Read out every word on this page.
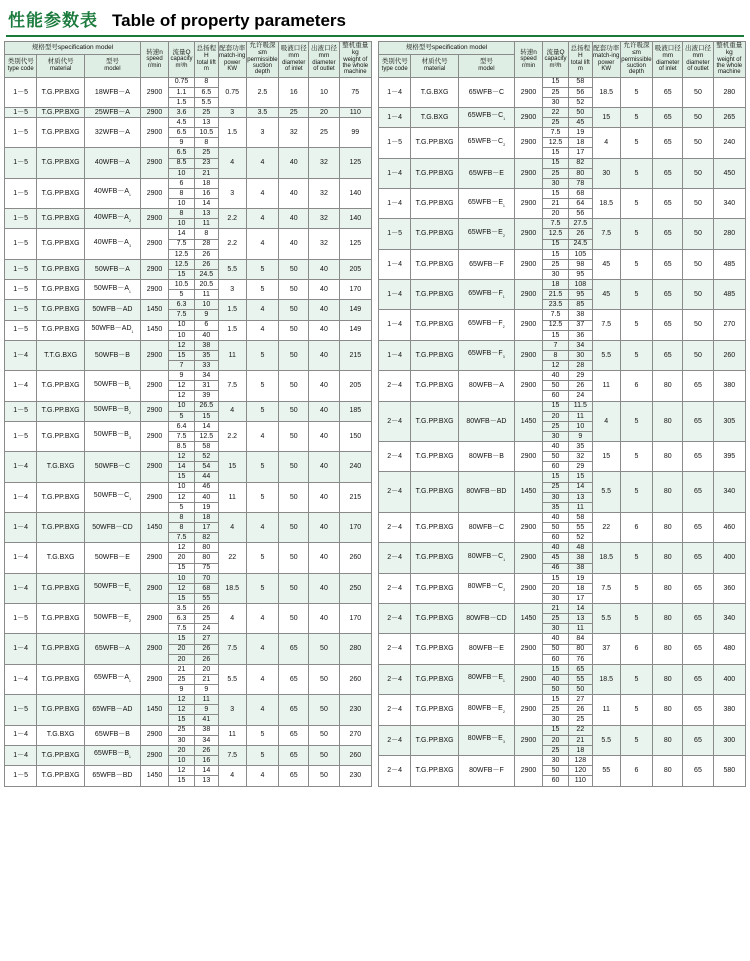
性能参数表 Table of property parameters
规格型号specification model			转速n
speed r/min	流量Q
capacity m³/h	总扬程H
total lift m	配套功率
match-ing power KW	允许吸深≤m
permissible suction depth	吸液口径mm
diameter of inlet	出液口径mm
diameter of outlet	整机重量kg
weight of the whole machine

类别代号
type code	材质代号
material	型号
model								

1－5	T.G.PP.BXG	18WFB－A	2900	0.75	8	0.75	2.5	16	10	75
				1.1	6.5					
				1.5	5.5					
1－5	T.G.PP.BXG	25WFB－A	2900	3.6	25	3	3.5	25	20	110
1－5	T.G.PP.BXG	32WFB－A	2900	4.5	13	1.5	3	32	25	99
				6.5	10.5					
				9	8					
1－5	T.G.PP.BXG	40WFB－A	2900	6.5	25	4	4	40	32	125
				8.5	23					
				10	21					
1－5	T.G.PP.BXG	$40WFB-A_{_1}$	2900	6	18	3	4	40	32	140
				8	16					
				10	14					
1－5	T.G.PP.BXG	$40WFB-A_{_2}$	2900	8	13	2.2	4	40	32	140
				10	11					
1－5	T.G.PP.BXG	$40WFB-A_{_3}$	2900	14	8	2.2	4	40	32	125
				7.5	28					
				12.5	26					
1－5	T.G.PP.BXG	50WFB－A	2900	12.5	26	5.5	5	50	40	205
				15	24.5					
1－5	T.G.PP.BXG	$50WFB-A_{_1}$	2900	10.5	20.5	3	5	50	40	170
				5	11					
1－5	T.G.PP.BXG	50WFB－AD	1450	6.3	10	1.5	4	50	40	149
				7.5	9					
1－5	T.G.PP.BXG	$50WFB-AD_{_1}$	1450	10	6	1.5	4	50	40	149
				10	40					
1－4	T.T.G.BXG	50WFB－B	2900	12	38	11	5	50	40	215
				15	35					
				7	33					
1－4	T.G.PP.BXG	$50WFB-B_{_1}$	2900	9	34	7.5	5	50	40	205
				12	31					
				12	39					
1－5	T.G.PP.BXG	$50WFB-B_{_2}$	2900	10	26.5	4	5	50	40	185
				5	15					
1－5	T.G.PP.BXG	$50WFB-B_{_3}$	2900	6.4	14	2.2	4	50	40	150
				7.5	12.5					
				8.5	58					
1－4	T.G.BXG	50WFB－C	2900	12	52	15	5	50	40	240
				14	54					
				15	44					
1－4	T.G.PP.BXG	$50WFB-C_{_1}$	2900	10	46	11	5	50	40	215
				12	40					
				5	19					
1－4	T.G.PP.BXG	50WFB－CD	1450	8	18	4	4	50	40	170
				8	17					
				7.5	82					
1－4	T.G.BXG	50WFB－E	2900	12	80	22	5	50	40	260
				20	80					
				15	75					
1－4	T.G.PP.BXG	$50WFB-E_{_1}$	2900	10	70	18.5	5	50	40	250
				12	68					
				15	55					
1－5	T.G.PP.BXG	$50WFB-E_{_2}$	2900	3.5	26	4	4	50	40	170
				6.3	25					
				7.5	24					
1－4	T.G.PP.BXG	65WFB－A	2900	15	27	7.5	4	65	50	280
				20	26					
				20	26					
1－4	T.G.PP.BXG	$65WFB-A_{_1}$	2900	21	20	5.5	4	65	50	260
				25	21					
				9	9					
1－5	T.G.PP.BXG	65WFB－AD	1450	12	11	3	4	65	50	230
				12	9					
				15	41					
1－4	T.G.BXG	65WFB－B	2900	25	38	11	5	65	50	270
				30	34					
1－4	T.G.PP.BXG	$65WFB-B_{_1}$	2900	20	26	7.5	5	65	50	260
				10	16					
1－5	T.G.PP.BXG	65WFB－BD	1450	12	14	4	4	65	50	230
				15	13					
规格型号specification model			转速n
speed r/min	流量Q
capacity m³/h	总扬程H
total lift m	配套功率
match-ing power KW	允许吸深≤m
permissible suction depth	吸液口径mm
diameter of inlet	出液口径mm
diameter of outlet	整机重量kg
weight of the whole machine

类别代号
type code	材质代号
material	型号
model								

1－4	T.G.BXG	65WFB－C	2900	15	58	18.5	5	65	50	280
				25	56					
				30	52					
1－4	T.G.BXG	$65WFB-C_{_1}$	2900	22	50	15	5	65	50	265
				25	45					
1－5	T.G.PP.BXG	$65WFB-C_{_2}$	2900	7.5	19	4	5	65	50	240
				12.5	18					
				15	17					
1－4	T.G.PP.BXG	65WFB－E	2900	15	82	30	5	65	50	450
				25	80					
				30	78					
1－4	T.G.PP.BXG	$65WFB-E_{_1}$	2900	15	68	18.5	5	65	50	340
				21	64					
				20	56					
1－5	T.G.PP.BXG	$65WFB-E_{_2}$	2900	7.5	27.5	7.5	5	65	50	280
				12.5	26					
				15	24.5					
1－4	T.G.PP.BXG	65WFB－F	2900	15	105	45	5	65	50	485
				25	98					
				30	95					
1－4	T.G.PP.BXG	$65WFB-F_{_1}$	2900	18	108	45	5	65	50	485
				21.5	95					
				23.5	85					
1－4	T.G.PP.BXG	$65WFB-F_{_2}$	2900	7.5	38	7.5	5	65	50	270
				12.5	37					
				15	36					
1－4	T.G.PP.BXG	$65WFB-F_{_3}$	2900	7	34	5.5	5	65	50	260
				8	30					
				12	28					
2－4	T.G.PP.BXG	80WFB－A	2900	40	29	11	6	80	65	380
				50	26					
				60	24					
2－4	T.G.PP.BXG	80WFB－AD	1450	15	11.5	4	5	80	65	305
				20	11					
				25	10					
				30	9					
2－4	T.G.PP.BXG	80WFB－B	2900	40	35	15	5	80	65	395
				50	32					
				60	29					
2－4	T.G.PP.BXG	80WFB－BD	1450	15	15	5.5	5	80	65	340
				25	14					
				30	13					
				35	11					
2－4	T.G.PP.BXG	80WFB－C	2900	40	58	22	6	80	65	460
				50	55					
				60	52					
2－4	T.G.PP.BXG	$80WFB-C_{_1}$	2900	40	48	18.5	5	80	65	400
				45	38					
				46	38					
2－4	T.G.PP.BXG	$80WFB-C_{_2}$	2900	15	19	7.5	5	80	65	360
				20	18					
				30	17					
2－4	T.G.PP.BXG	80WFB－CD	1450	21	14	5.5	5	80	65	340
				25	13					
				30	11					
2－4	T.G.PP.BXG	80WFB－E	2900	40	84	37	6	80	65	480
				50	80					
				60	76					
2－4	T.G.PP.BXG	$80WFB-E_{_1}$	2900	15	65	18.5	5	80	65	400
				40	55					
				50	50					
2－4	T.G.PP.BXG	$80WFB-E_{_2}$	2900	15	27	11	5	80	65	380
				25	26					
				30	25					
2－4	T.G.PP.BXG	$80WFB-E_{_3}$	2900	15	22	5.5	5	80	65	300
				20	21					
				25	18					
2－4	T.G.PP.BXG	80WFB－F	2900	30	128	55	6	80	65	580
				50	120					
				60	110					
